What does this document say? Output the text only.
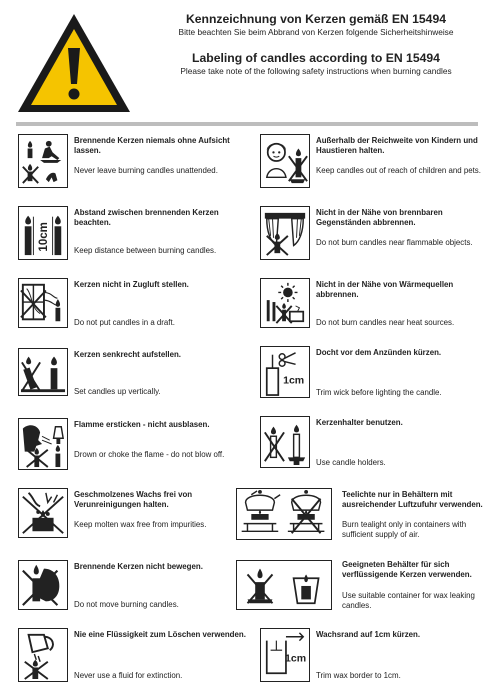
Kennzeichnung von Kerzen gemäß EN 15494
Bitte beachten Sie beim Abbrand von Kerzen folgende Sicherheitshinweise
Labeling of candles according to EN 15494
Please take note of the following safety instructions when burning candles
Brennende Kerzen niemals ohne Aufsicht lassen.
Never leave burning candles unattended.
10cm
Abstand zwischen brennenden Kerzen beachten.
Keep distance between burning candles.
Kerzen nicht in Zugluft stellen.
Do not put candles in a draft.
Kerzen senkrecht aufstellen.
Set candles up vertically.
Flamme ersticken - nicht ausblasen.
Drown or choke the flame - do not blow off.
Geschmolzenes Wachs frei von Verunreinigungen halten.
Keep molten wax free from impurities.
Brennende Kerzen nicht bewegen.
Do not move burning candles.
Nie eine Flüssigkeit zum Löschen verwenden.
Never use a fluid for extinction.
Außerhalb der Reichweite von Kindern und Haustieren halten.
Keep candles out of reach of children and pets.
Nicht in der Nähe von brennbaren Gegenständen abbrennen.
Do not burn candles near flammable objects.
Nicht in der Nähe von Wärmequellen abbrennen.
Do not burn candles near heat sources.
1cm
Docht vor dem Anzünden kürzen.
Trim wick before lighting the candle.
Kerzenhalter benutzen.
Use candle holders.
Teelichte nur in Behältern mit ausreichender Luftzufuhr verwenden.
Burn tealight only in containers with sufficient supply of air.
Geeigneten Behälter für sich verflüssigende Kerzen verwenden.
Use suitable container for wax leaking candles.
1cm
Wachsrand auf 1cm kürzen.
Trim wax border to 1cm.
